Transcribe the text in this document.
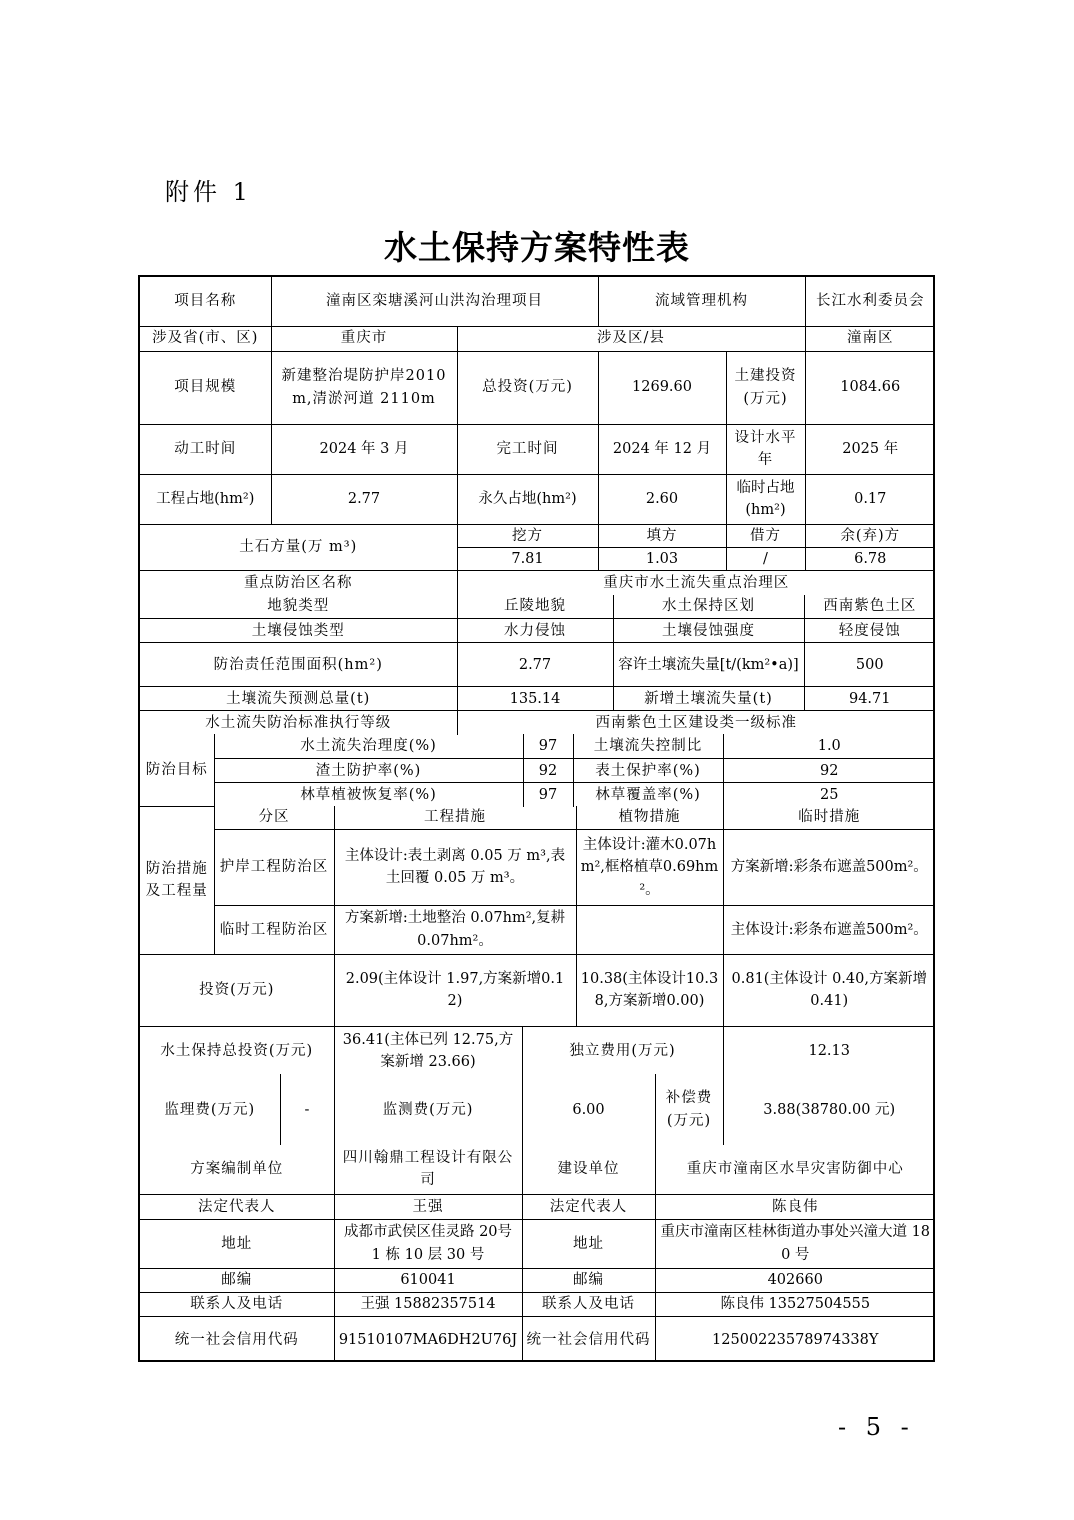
附件 1
水土保持方案特性表
项目名称	潼南区栾塘溪河山洪沟治理项目		流域管理机构		长江水利委员会
涉及省(市、区)	重庆市	涉及区/县			潼南区
项目规模	新建整治堤防护岸2010m,清淤河道 2110m	总投资(万元)	1269.60	土建投资(万元)	1084.66
动工时间	2024 年 3 月	完工时间	2024 年 12 月	设计水平年	2025 年
工程占地(hm²)	2.77	永久占地(hm²)	2.60	临时占地(hm²)	0.17
土石方量(万 m³)		挖方	填方	借方	余(弃)方
		7.81	1.03	/	6.78
重点防治区名称		重庆市水土流失重点治理区			
地貌类型	丘陵地貌	水土保持区划	西南紫色土区
土壤侵蚀类型	水力侵蚀	土壤侵蚀强度	轻度侵蚀
防治责任范围面积(hm²)	2.77	容许土壤流失量[t/(km²•a)]	500
土壤流失预测总量(t)	135.14	新增土壤流失量(t)	94.71
水土流失防治标准执行等级	西南紫色土区建设类一级标准		
防治目标	水土流失治理度(%)	97	土壤流失控制比	1.0
	渣土防护率(%)	92	表土保护率(%)	92
	林草植被恢复率(%)	97	林草覆盖率(%)	25
防治措施及工程量	分区	工程措施		植物措施	临时措施
	护岸工程防治区	主体设计:表土剥离 0.05 万 m³,表土回覆 0.05 万 m³。		主体设计:灌木0.07hm²,框格植草0.69hm²。	方案新增:彩条布遮盖500m²。
	临时工程防治区	方案新增:土地整治 0.07hm²,复耕 0.07hm²。			主体设计:彩条布遮盖500m²。
投资(万元)		2.09(主体设计 1.97,方案新增0.12)		10.38(主体设计10.38,方案新增0.00)	0.81(主体设计 0.40,方案新增 0.41)
水土保持总投资(万元)		36.41(主体已列 12.75,方案新增 23.66)	独立费用(万元)		12.13
监理费(万元)	-	监测费(万元)	6.00	补偿费(万元)	3.88(38780.00 元)
方案编制单位	四川翰鼎工程设计有限公司	建设单位	重庆市潼南区水旱灾害防御中心
法定代表人	王强	法定代表人	陈良伟
地址	成都市武侯区佳灵路 20号 1 栋 10 层 30 号	地址	重庆市潼南区桂林街道办事处兴潼大道 180 号
邮编	610041	邮编	402660
联系人及电话	王强 15882357514	联系人及电话	陈良伟 13527504555
统一社会信用代码	91510107MA6DH2U76J	统一社会信用代码	12500223578974338Y
- 5 -
